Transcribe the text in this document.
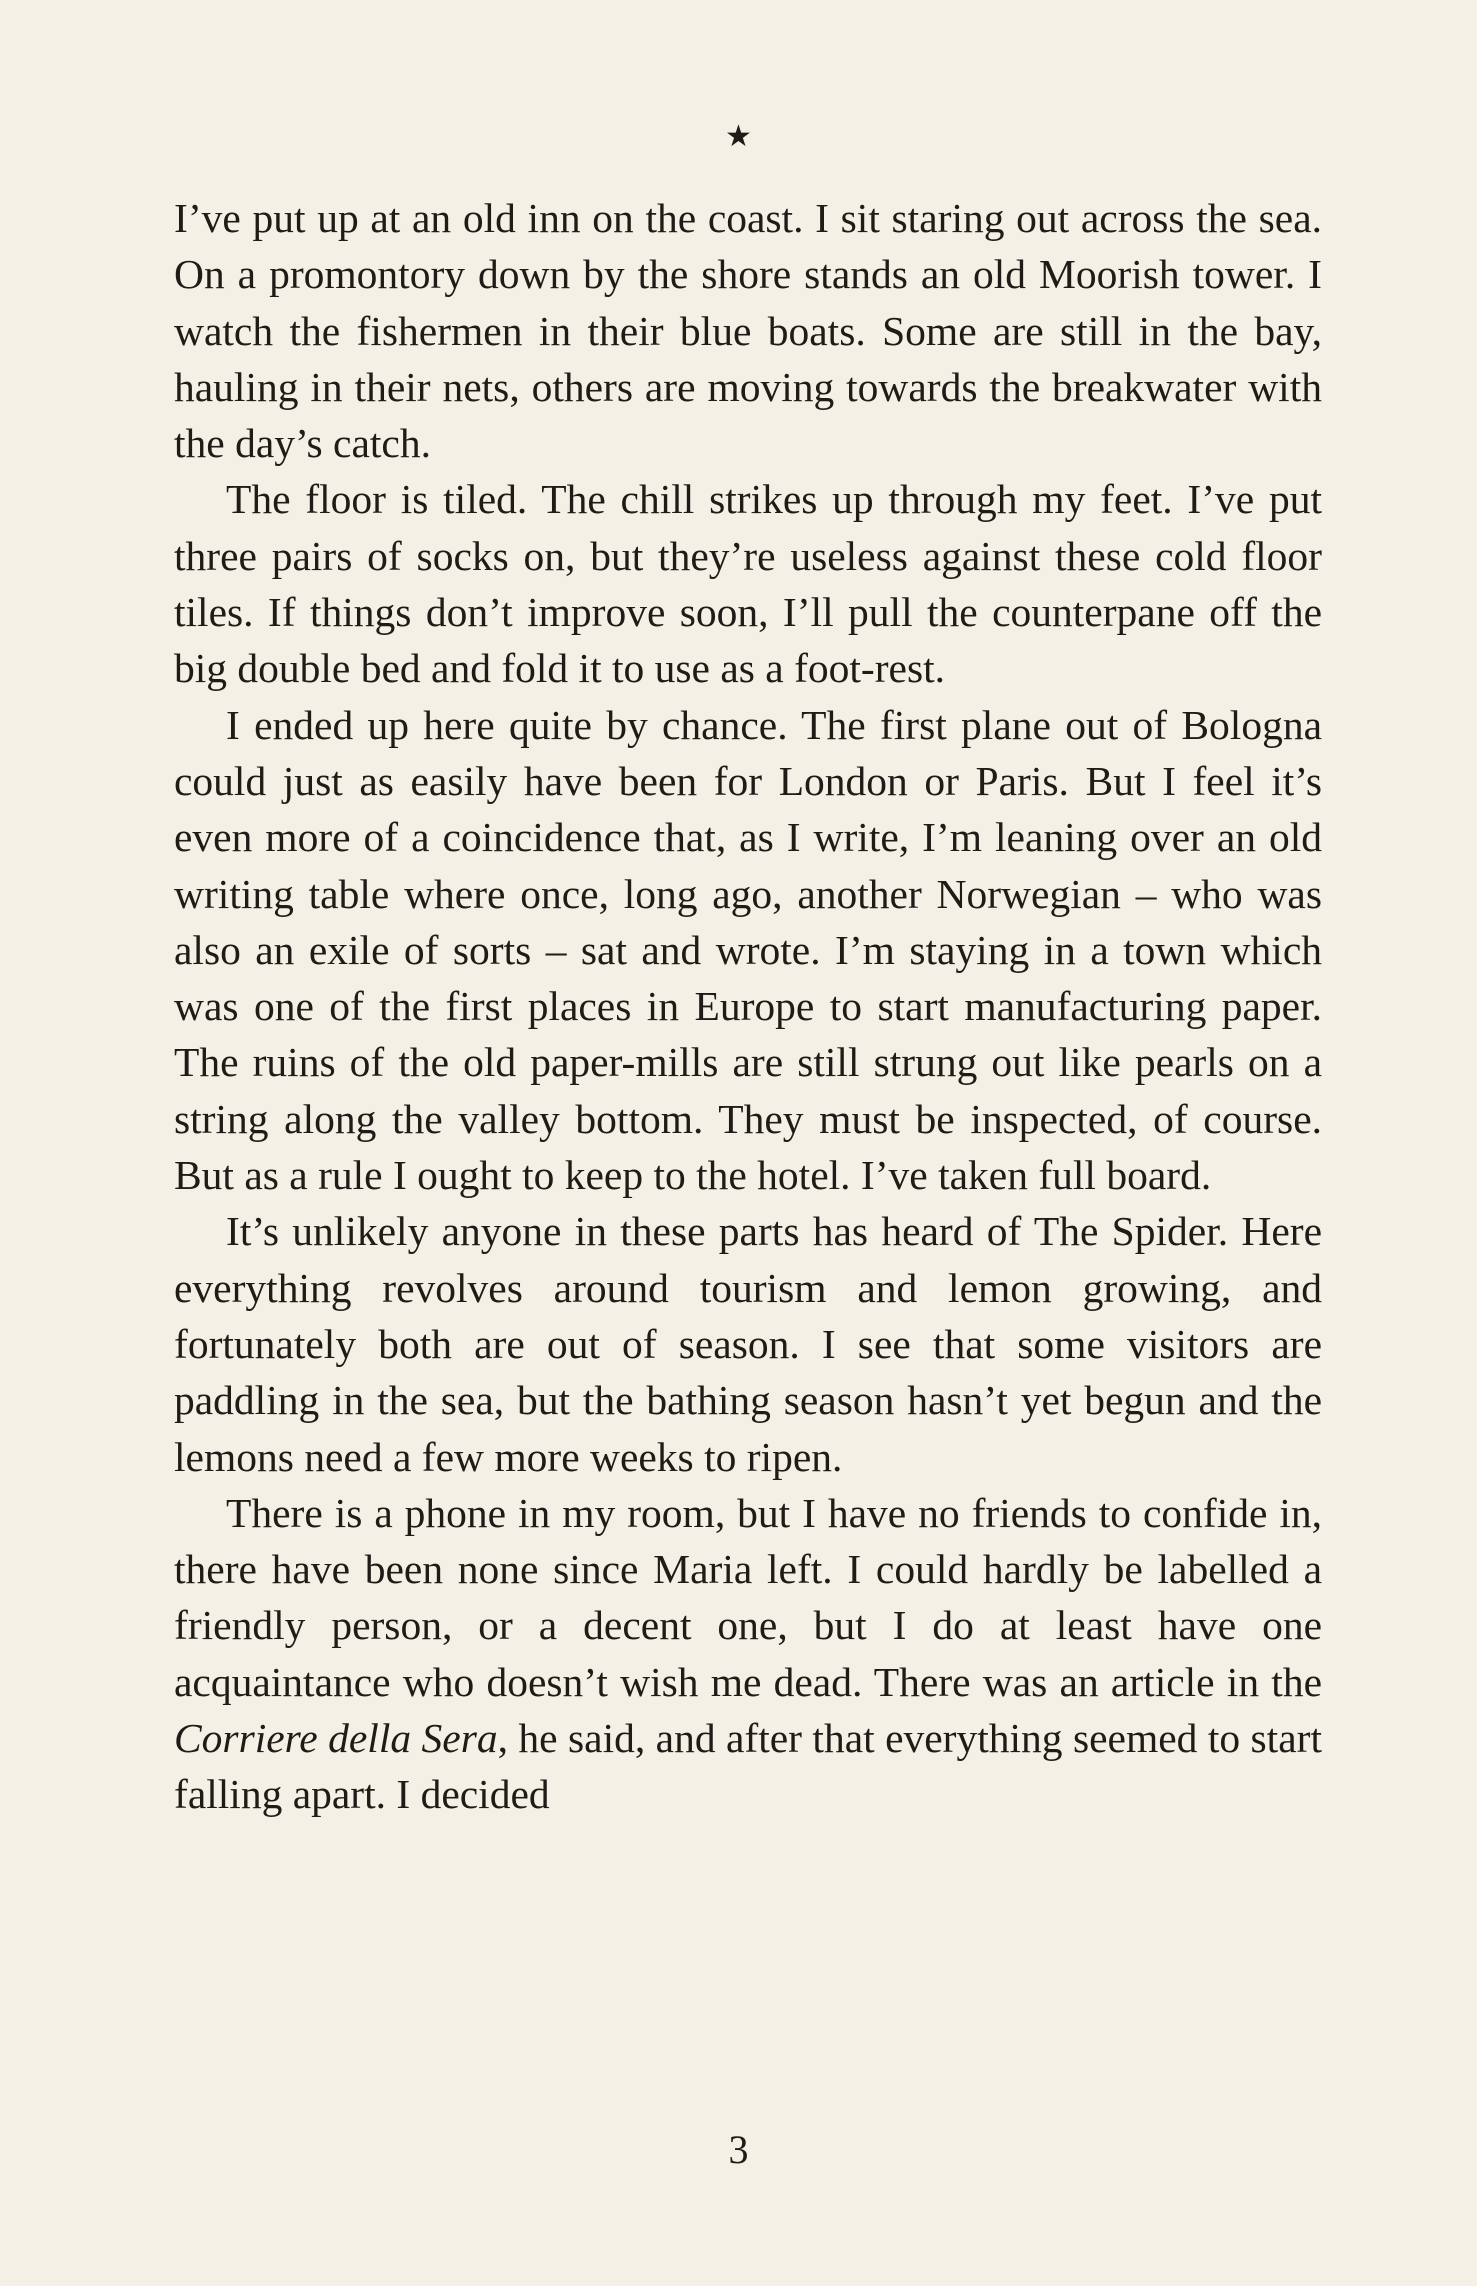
★

I’ve put up at an old inn on the coast. I sit staring out across the sea. On a promontory down by the shore stands an old Moorish tower. I watch the fishermen in their blue boats. Some are still in the bay, hauling in their nets, others are moving towards the breakwater with the day’s catch.

The floor is tiled. The chill strikes up through my feet. I’ve put three pairs of socks on, but they’re useless against these cold floor tiles. If things don’t improve soon, I’ll pull the counterpane off the big double bed and fold it to use as a foot-rest.

I ended up here quite by chance. The first plane out of Bologna could just as easily have been for London or Paris. But I feel it’s even more of a coincidence that, as I write, I’m leaning over an old writing table where once, long ago, another Norwegian – who was also an exile of sorts – sat and wrote. I’m staying in a town which was one of the first places in Europe to start manufacturing paper. The ruins of the old paper-mills are still strung out like pearls on a string along the valley bottom. They must be inspected, of course. But as a rule I ought to keep to the hotel. I’ve taken full board.

It’s unlikely anyone in these parts has heard of The Spider. Here everything revolves around tourism and lemon growing, and fortunately both are out of season. I see that some visitors are paddling in the sea, but the bathing season hasn’t yet begun and the lemons need a few more weeks to ripen.

There is a phone in my room, but I have no friends to confide in, there have been none since Maria left. I could hardly be labelled a friendly person, or a decent one, but I do at least have one acquaintance who doesn’t wish me dead. There was an article in the Corriere della Sera, he said, and after that everything seemed to start falling apart. I decided

3
